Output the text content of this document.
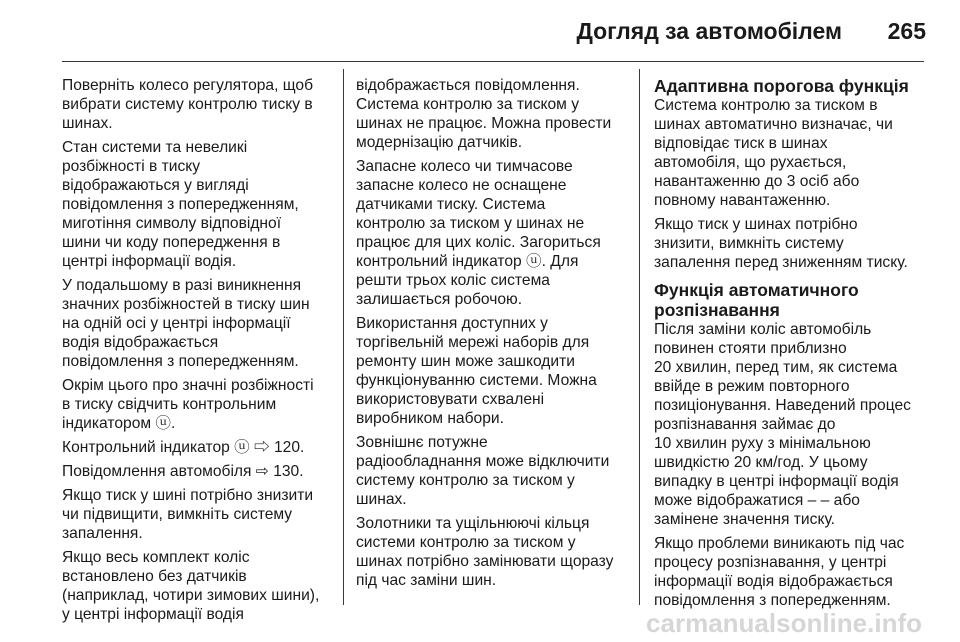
Догляд за автомобілем 265

Поверніть колесо регулятора, щоб
вибрати систему контролю тиску в
шинах.

Стан системи та невеликі
розбіжності в тиску
відображаються у вигляді
повідомлення з попередженням,
миготіння символу відповідної
шини чи коду попередження в
центрі інформації водія.

У подальшому в разі виникнення
значних розбіжностей в тиску шин
на одній осі у центрі інформації
водія відображається
повідомлення з попередженням.

Окрім цього про значні розбіжності
в тиску свідчить контрольним
індикатором ⓤ.

Контрольний індикатор ⓤ ⇨ 120.

Повідомлення автомобіля ⇨ 130.

Якщо тиск у шині потрібно знизити
чи підвищити, вимкніть систему
запалення.

Якщо весь комплект коліс
встановлено без датчиків
(наприклад, чотири зимових шини),
у центрі інформації водія

відображається повідомлення.
Система контролю за тиском у
шинах не працює. Можна провести
модернізацію датчиків.

Запасне колесо чи тимчасове
запасне колесо не оснащене
датчиками тиску. Система
контролю за тиском у шинах не
працює для цих коліс. Загориться
контрольний індикатор ⓤ. Для
решти трьох коліс система
залишається робочою.

Використання доступних у
торгівельній мережі наборів для
ремонту шин може зашкодити
функціонуванню системи. Можна
використовувати схвалені
виробником набори.

Зовнішнє потужне
радіообладнання може відключити
систему контролю за тиском у
шинах.

Золотники та ущільнюючі кільця
системи контролю за тиском у
шинах потрібно замінювати щоразу
під час заміни шин.

Адаптивна порогова функція

Система контролю за тиском в
шинах автоматично визначає, чи
відповідає тиск в шинах
автомобіля, що рухається,
навантаженню до 3 осіб або
повному навантаженню.

Якщо тиск у шинах потрібно
знизити, вимкніть систему
запалення перед зниженням тиску.

Функція автоматичного
розпізнавання

Після заміни коліс автомобіль
повинен стояти приблизно
20 хвилин, перед тим, як система
ввійде в режим повторного
позиціонування. Наведений процес
розпізнавання займає до
10 хвилин руху з мінімальною
швидкістю 20 км/год. У цьому
випадку в центрі інформації водія
може відображатися – – або
замінене значення тиску.

Якщо проблеми виникають під час
процесу розпізнавання, у центрі
інформації водія відображається
повідомлення з попередженням.

carmanualsonline.info
